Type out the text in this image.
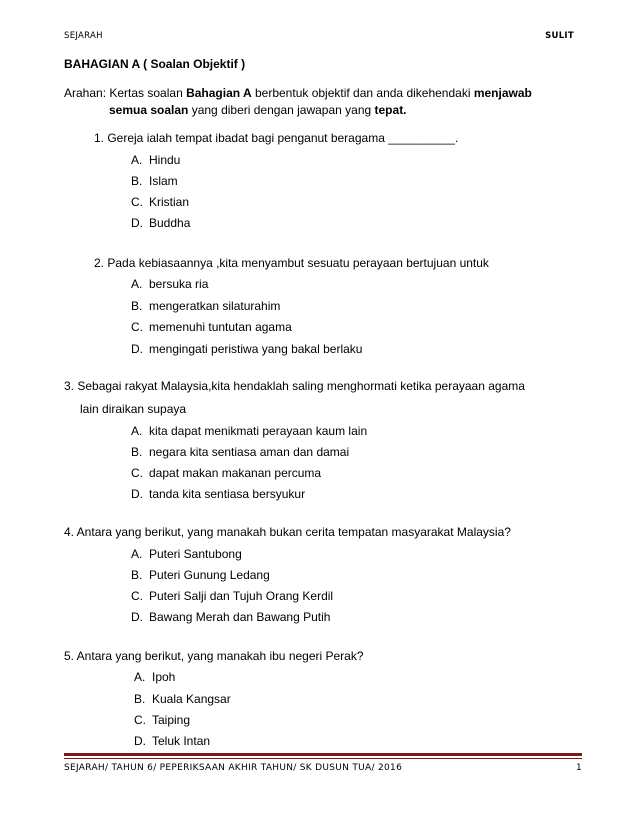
SEJARAH	SULIT
BAHAGIAN A ( Soalan Objektif )
Arahan: Kertas soalan Bahagian A berbentuk objektif dan anda dikehendaki menjawab
semua soalan yang diberi dengan jawapan yang tepat.
1. Gereja ialah tempat ibadat bagi penganut beragama __________.
A. Hindu
B. Islam
C. Kristian
D. Buddha
2. Pada kebiasaannya ,kita menyambut sesuatu perayaan bertujuan untuk
A. bersuka ria
B. mengeratkan silaturahim
C. memenuhi tuntutan agama
D. mengingati peristiwa yang bakal berlaku
3. Sebagai rakyat Malaysia,kita hendaklah saling menghormati ketika perayaan agama
lain diraikan supaya
A. kita dapat menikmati perayaan kaum lain
B. negara kita sentiasa aman dan damai
C. dapat makan makanan percuma
D. tanda kita sentiasa bersyukur
4. Antara yang berikut, yang manakah bukan cerita tempatan masyarakat Malaysia?
A. Puteri Santubong
B. Puteri Gunung Ledang
C. Puteri Salji dan Tujuh Orang Kerdil
D. Bawang Merah dan Bawang Putih
5. Antara yang berikut, yang manakah ibu negeri Perak?
A. Ipoh
B. Kuala Kangsar
C. Taiping
D. Teluk Intan
SEJARAH/ TAHUN 6/ PEPERIKSAAN AKHIR TAHUN/ SK DUSUN TUA/ 2016	1
